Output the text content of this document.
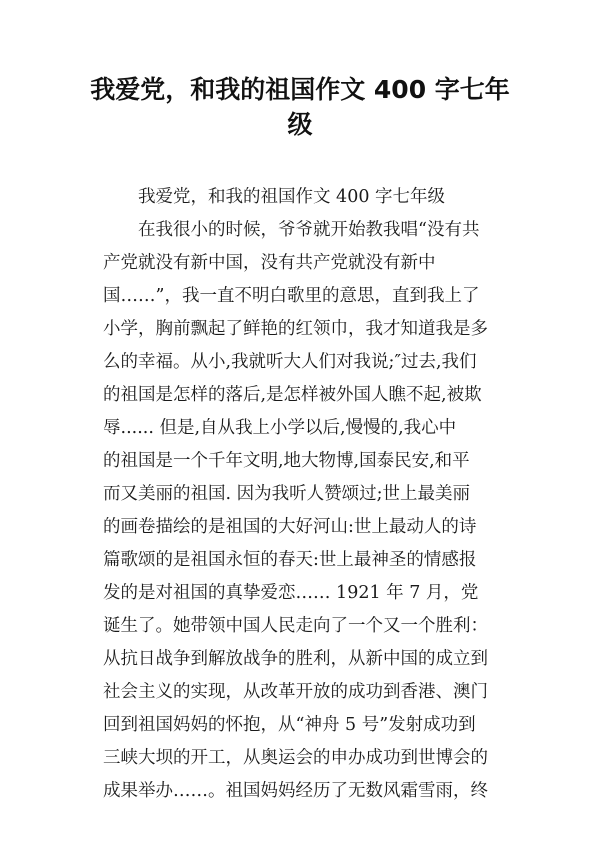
我爱党，和我的祖国作文 400 字七年级
我爱党，和我的祖国作文 400 字七年级
在我很小的时候，爷爷就开始教我唱“没有共
产党就没有新中国，没有共产党就没有新中
国……”，我一直不明白歌里的意思，直到我上了
小学，胸前飘起了鲜艳的红领巾，我才知道我是多
么的幸福。从小,我就听大人们对我说;″过去,我们
的祖国是怎样的落后,是怎样被外国人瞧不起,被欺
辱...... 但是,自从我上小学以后,慢慢的,我心中
的祖国是一个千年文明,地大物博,国泰民安,和平
而又美丽的祖国. 因为我听人赞颂过;世上最美丽
的画卷描绘的是祖国的大好河山:世上最动人的诗
篇歌颂的是祖国永恒的春天:世上最神圣的情感报
发的是对祖国的真挚爱恋…… 1921 年 7 月，党
诞生了。她带领中国人民走向了一个又一个胜利：
从抗日战争到解放战争的胜利，从新中国的成立到
社会主义的实现，从改革开放的成功到香港、澳门
回到祖国妈妈的怀抱，从“神舟 5 号”发射成功到
三峡大坝的开工，从奥运会的申办成功到世博会的
成果举办……。祖国妈妈经历了无数风霜雪雨，终
